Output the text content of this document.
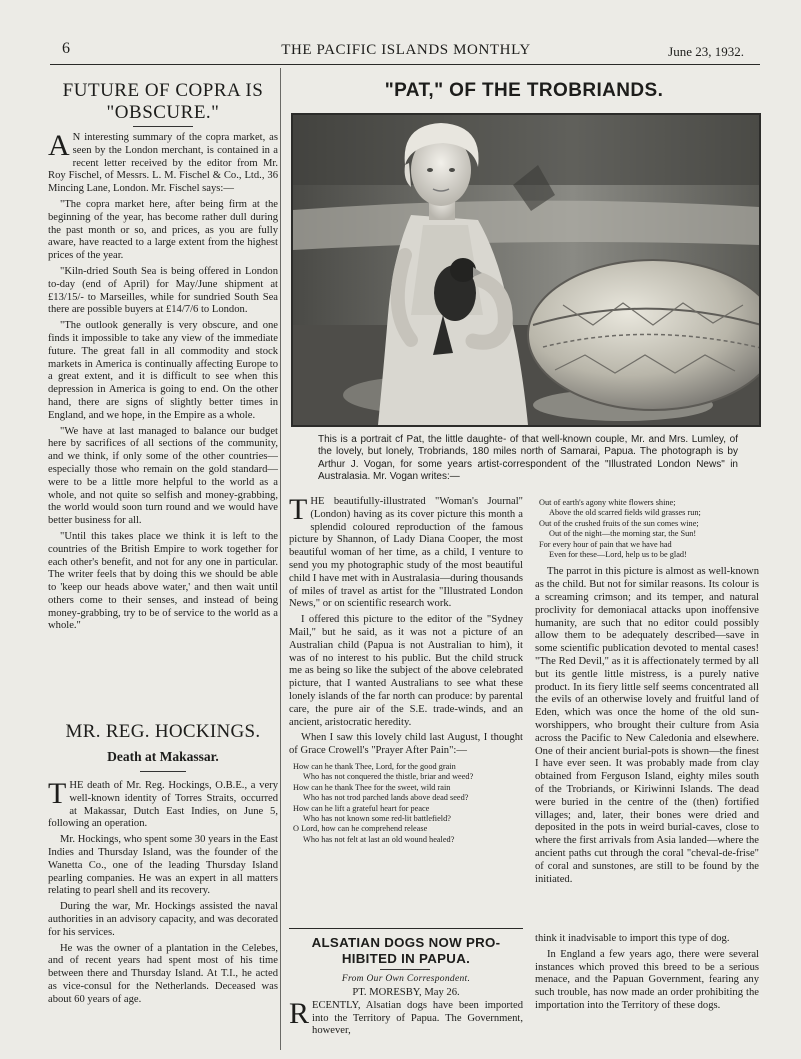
6	THE PACIFIC ISLANDS MONTHLY	June 23, 1932.
FUTURE OF COPRA IS
"OBSCURE."

A N interesting summary of the copra market, as seen by the London merchant, is contained in a recent letter received by the editor from Mr. Roy Fischel, of Messrs. L. M. Fischel & Co., Ltd., 36 Mincing Lane, London. Mr. Fischel says:—

"The copra market here, after being firm at the beginning of the year, has become rather dull during the past month or so, and prices, as you are fully aware, have reacted to a large extent from the highest prices of the year.

"Kiln-dried South Sea is being offered in London to-day (end of April) for May/June shipment at £13/15/- to Marseilles, while for sundried South Sea there are possible buyers at £14/7/6 to London.

"The outlook generally is very obscure, and one finds it impossible to take any view of the immediate future. The great fall in all commodity and stock markets in America is continually affecting Europe to a great extent, and it is difficult to see when this depression in America is going to end. On the other hand, there are signs of slightly better times in England, and we hope, in the Empire as a whole.

"We have at last managed to balance our budget here by sacrifices of all sections of the community, and we think, if only some of the other countries—especially those who remain on the gold standard—were to be a little more helpful to the world as a whole, and not quite so selfish and money-grabbing, the world would soon turn round and we would have better business for all.

"Until this takes place we think it is left to the countries of the British Empire to work together for each other's benefit, and not for any one in particular. The writer feels that by doing this we should be able to 'keep our heads above water,' and then wait until others come to their senses, and instead of being money-grabbing, try to be of service to the world as a whole."

MR. REG. HOCKINGS.
Death at Makassar.

THE death of Mr. Reg. Hockings, O.B.E., a very well-known identity of Torres Straits, occurred at Makassar, Dutch East Indies, on June 5, following an operation.

Mr. Hockings, who spent some 30 years in the East Indies and Thursday Island, was the founder of the Wanetta Co., one of the leading Thursday Island pearling companies. He was an expert in all matters relating to pearl shell and its recovery.

During the war, Mr. Hockings assisted the naval authorities in an advisory capacity, and was decorated for his services.

He was the owner of a plantation in the Celebes, and of recent years had spent most of his time between there and Thursday Island. At T.I., he acted as vice-consul for the Netherlands. Deceased was about 60 years of age.

"PAT," OF THE TROBRIANDS.
This is a portrait cf Pat, the little daughte- of that well-known couple, Mr. and Mrs. Lumley, of the lovely, but lonely, Trobriands, 180 miles north of Samarai, Papua. The photograph is by Arthur J. Vogan, for some years artist-correspondent of the "Illustrated London News" in Australasia. Mr. Vogan writes:—

THE beautifully-illustrated "Woman's Journal" (London) having as its cover picture this month a splendid coloured reproduction of the famous picture by Shannon, of Lady Diana Cooper, the most beautiful woman of her time, as a child, I venture to send you my photographic study of the most beautiful child I have met with in Australasia—during thousands of miles of travel as artist for the "Illustrated London News," or on scientific research work.

I offered this picture to the editor of the "Sydney Mail," but he said, as it was not a picture of an Australian child (Papua is not Australian to him), it was of no interest to his public. But the child struck me as being so like the subject of the above celebrated picture, that I wanted Australians to see what these lonely islands of the far north can produce: by parental care, the pure air of the S.E. trade-winds, and an ancient, aristocratic heredity.

When I saw this lovely child last August, I thought of Grace Crowell's "Prayer After Pain":—

How can he thank Thee, Lord, for the good grain
Who has not conquered the thistle, briar and weed?
How can he thank Thee for the sweet, wild rain
Who has not trod parched lands above dead seed?
How can he lift a grateful heart for peace
Who has not known some red-lit battlefield?
O Lord, how can he comprehend release
Who has not felt at last an old wound healed?
Out of earth's agony white flowers shine;
Above the old scarred fields wild grasses run;
Out of the crushed fruits of the sun comes wine;
Out of the night—the morning star, the Sun!
For every hour of pain that we have had
Even for these—Lord, help us to be glad!

The parrot in this picture is almost as well-known as the child. But not for similar reasons. Its colour is a screaming crimson; and its temper, and natural proclivity for demoniacal attacks upon inoffensive humanity, are such that no editor could possibly allow them to be adequately described—save in some scientific publication devoted to mental cases! "The Red Devil," as it is affectionately termed by all but its gentle little mistress, is a purely native product. In its fiery little self seems concentrated all the evils of an otherwise lovely and fruitful land of Eden, which was once the home of the old sun-worshippers, who brought their culture from Asia across the Pacific to New Caledonia and elsewhere. One of their ancient burial-pots is shown—the finest I have ever seen. It was probably made from clay obtained from Ferguson Island, eighty miles south of the Trobriands, or Kiriwinni Islands. The dead were buried in the centre of the (then) fortified villages; and, later, their bones were dried and deposited in the pots in weird burial-caves, close to where the first arrivals from Asia landed—where the ancient paths cut through the coral "cheval-de-frise" of coral and sunstones, are still to be found by the initiated.

ALSATIAN DOGS NOW PRO-
HIBITED IN PAPUA.
From Our Own Correspondent.
PT. MORESBY, May 26.

RECENTLY, Alsatian dogs have been imported into the Territory of Papua. The Government, however,

think it inadvisable to import this type of dog.

In England a few years ago, there were several instances which proved this breed to be a serious menace, and the Papuan Government, fearing any such trouble, has now made an order prohibiting the importation into the Territory of these dogs.
